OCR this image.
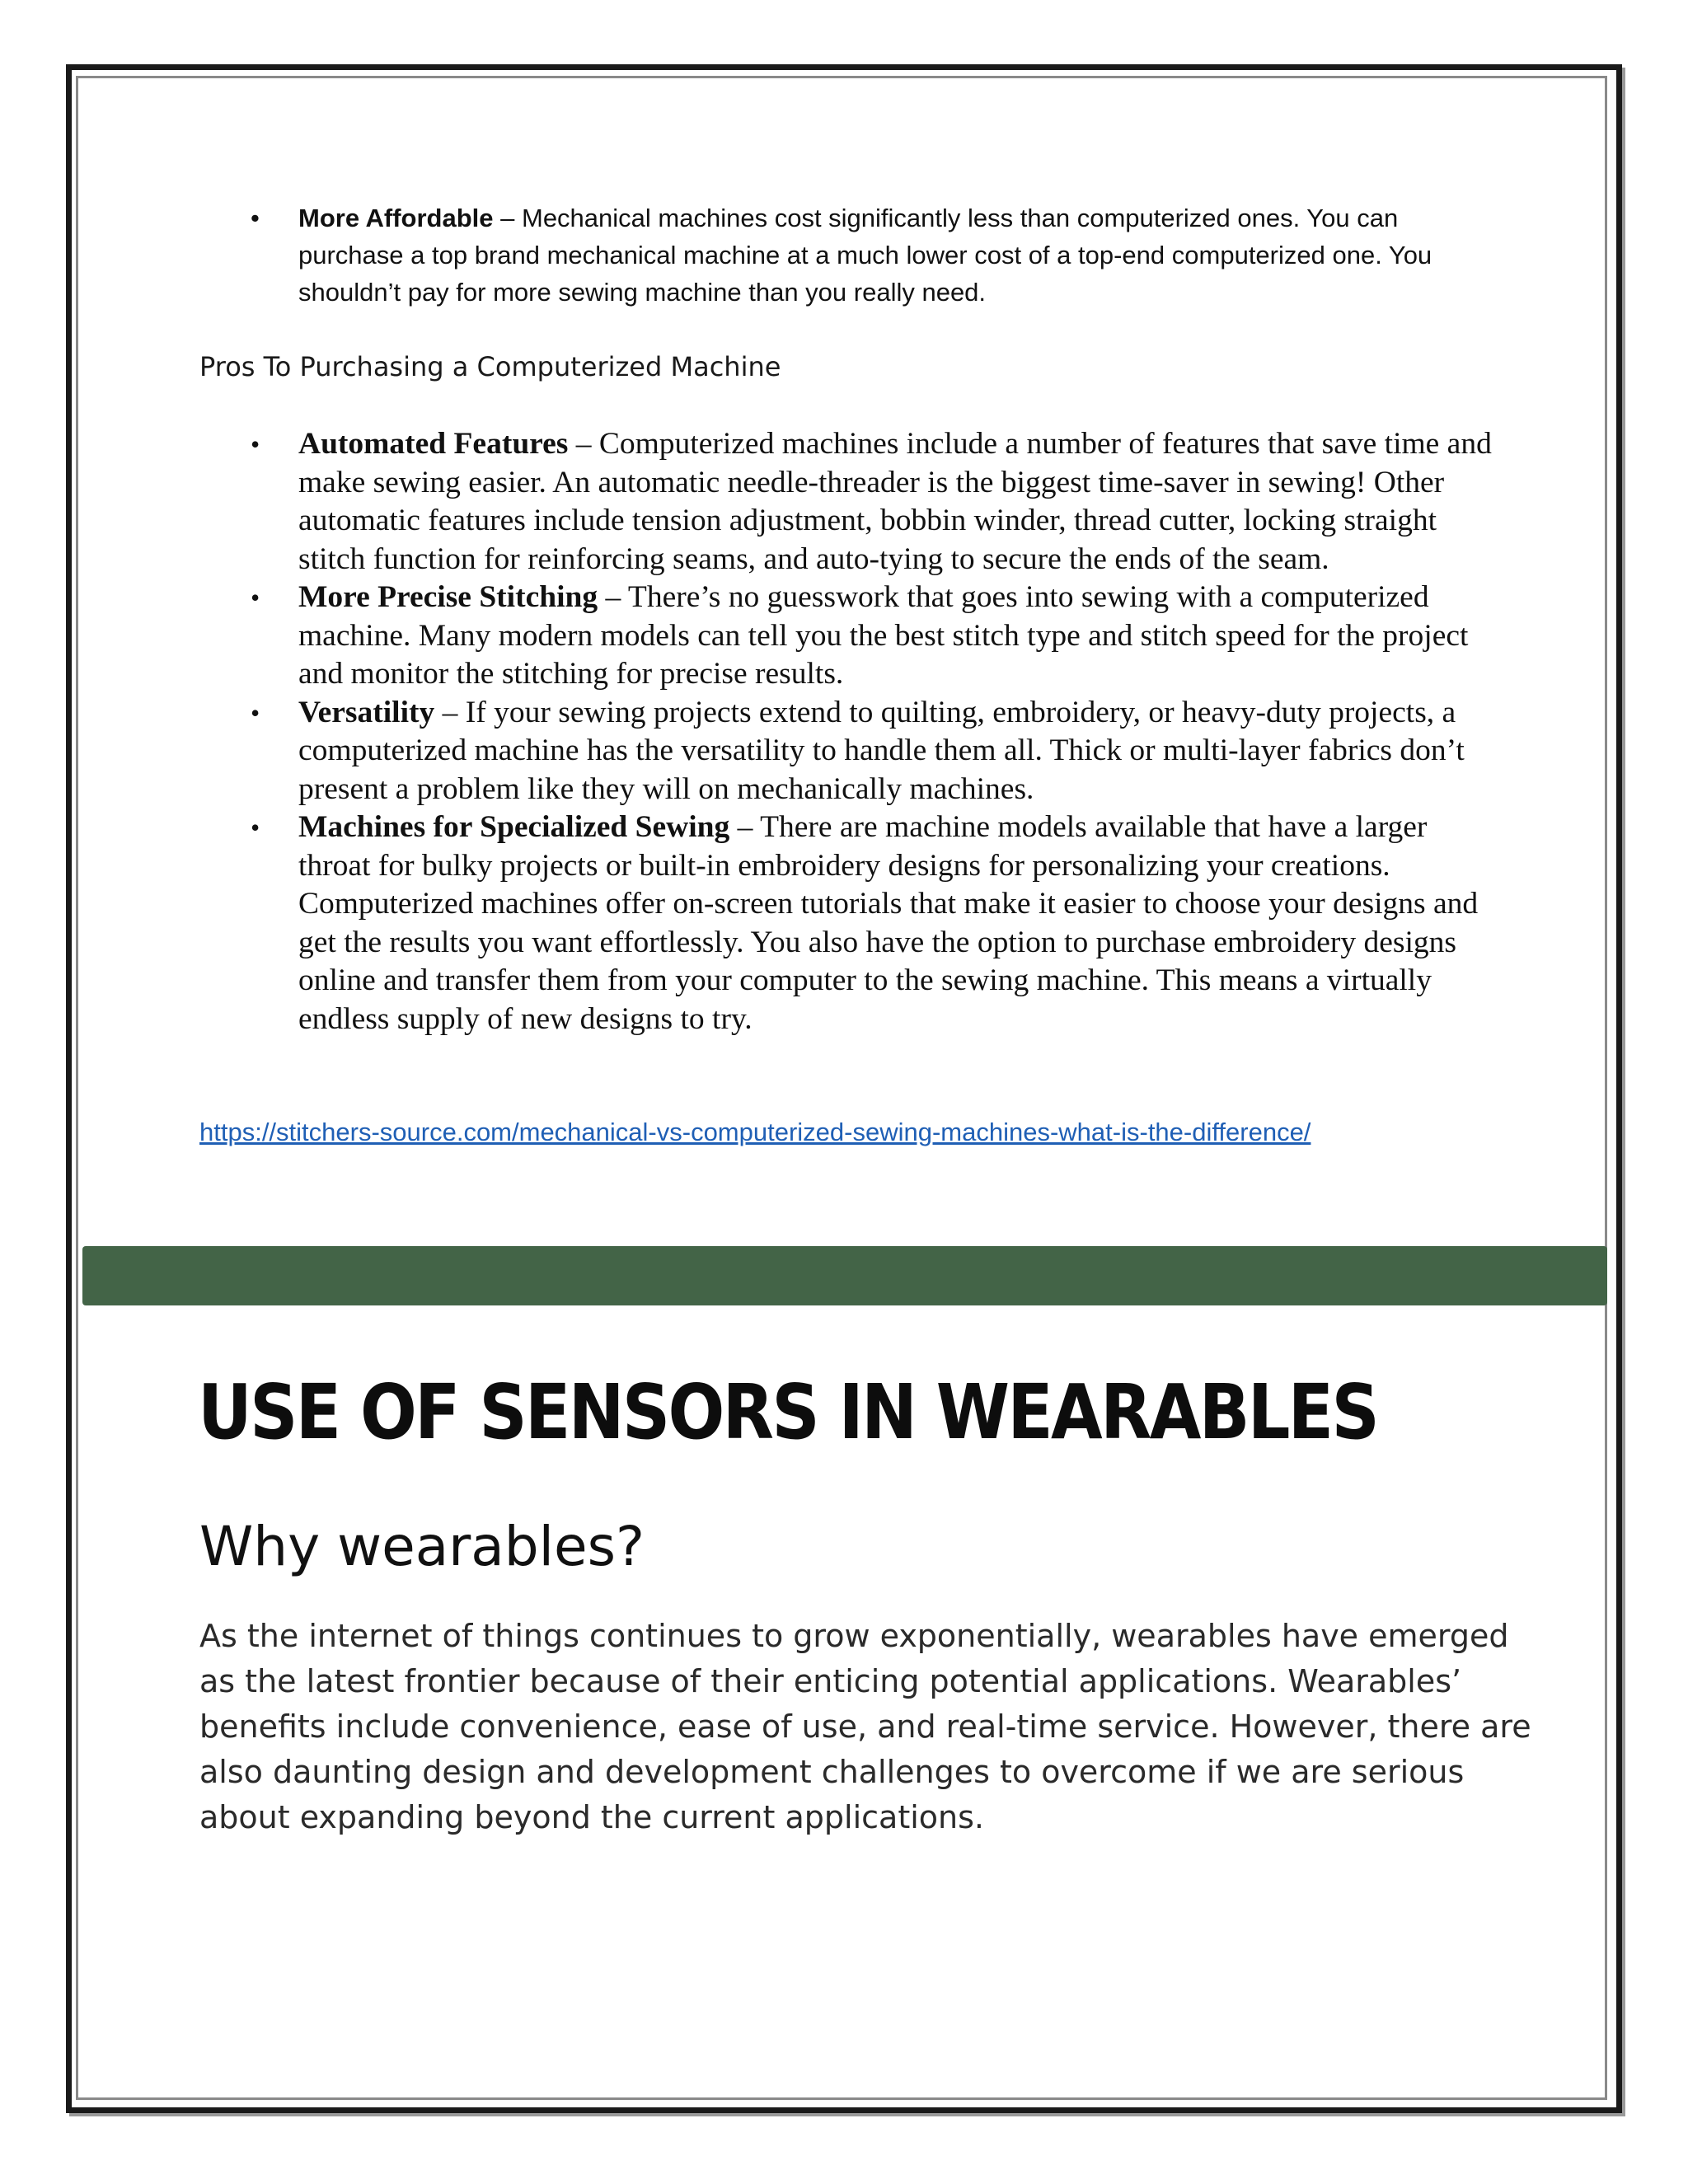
• More Affordable – Mechanical machines cost significantly less than computerized ones. You can purchase a top brand mechanical machine at a much lower cost of a top-end computerized one. You shouldn’t pay for more sewing machine than you really need.
Pros To Purchasing a Computerized Machine
• Automated Features – Computerized machines include a number of features that save time and make sewing easier. An automatic needle-threader is the biggest time-saver in sewing! Other automatic features include tension adjustment, bobbin winder, thread cutter, locking straight stitch function for reinforcing seams, and auto-tying to secure the ends of the seam.
• More Precise Stitching – There’s no guesswork that goes into sewing with a computerized machine. Many modern models can tell you the best stitch type and stitch speed for the project and monitor the stitching for precise results.
• Versatility – If your sewing projects extend to quilting, embroidery, or heavy-duty projects, a computerized machine has the versatility to handle them all. Thick or multi-layer fabrics don’t present a problem like they will on mechanically machines.
• Machines for Specialized Sewing – There are machine models available that have a larger throat for bulky projects or built-in embroidery designs for personalizing your creations. Computerized machines offer on-screen tutorials that make it easier to choose your designs and get the results you want effortlessly. You also have the option to purchase embroidery designs online and transfer them from your computer to the sewing machine. This means a virtually endless supply of new designs to try.
https://stitchers-source.com/mechanical-vs-computerized-sewing-machines-what-is-the-difference/
USE OF SENSORS IN WEARABLES
Why wearables?
As the internet of things continues to grow exponentially, wearables have emerged as the latest frontier because of their enticing potential applications. Wearables’ benefits include convenience, ease of use, and real-time service. However, there are also daunting design and development challenges to overcome if we are serious about expanding beyond the current applications.
